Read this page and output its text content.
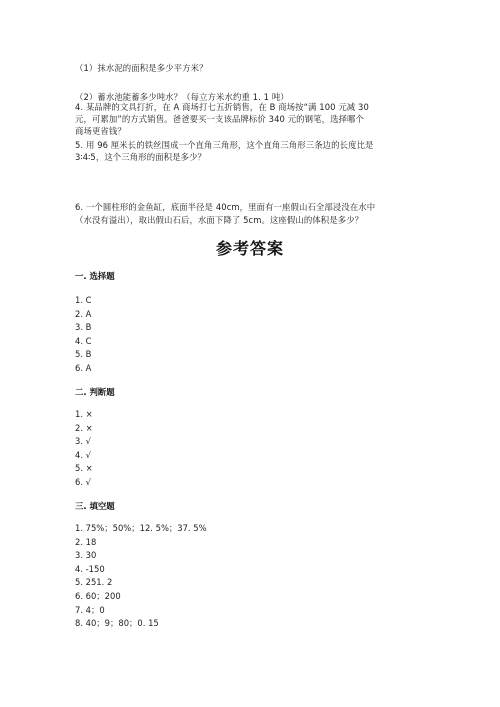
（1）抹水泥的面积是多少平方米？
（2）蓄水池能蓄多少吨水？（每立方米水约重 1. 1 吨）
4. 某品牌的文具打折，在 A 商场打七五折销售，在 B 商场按“满 100 元减 30
元，可累加”的方式销售。爸爸要买一支该品牌标价 340 元的钢笔，选择哪个
商场更省钱？
5. 用 96 厘米长的铁丝围成一个直角三角形，这个直角三角形三条边的长度比是
3∶4∶5，这个三角形的面积是多少？
6. 一个圆柱形的金鱼缸，底面半径是 40cm，里面有一座假山石全部浸没在水中
（水没有溢出），取出假山石后，水面下降了 5cm。这座假山的体积是多少？
参考答案
一. 选择题
1. C
2. A
3. B
4. C
5. B
6. A
二. 判断题
1. ×
2. ×
3. √
4. √
5. ×
6. √
三. 填空题
1. 75%；50%；12. 5%；37. 5%
2. 18
3. 30
4. -150
5. 251. 2
6. 60；200
7. 4；0
8. 40；9；80；0. 15
